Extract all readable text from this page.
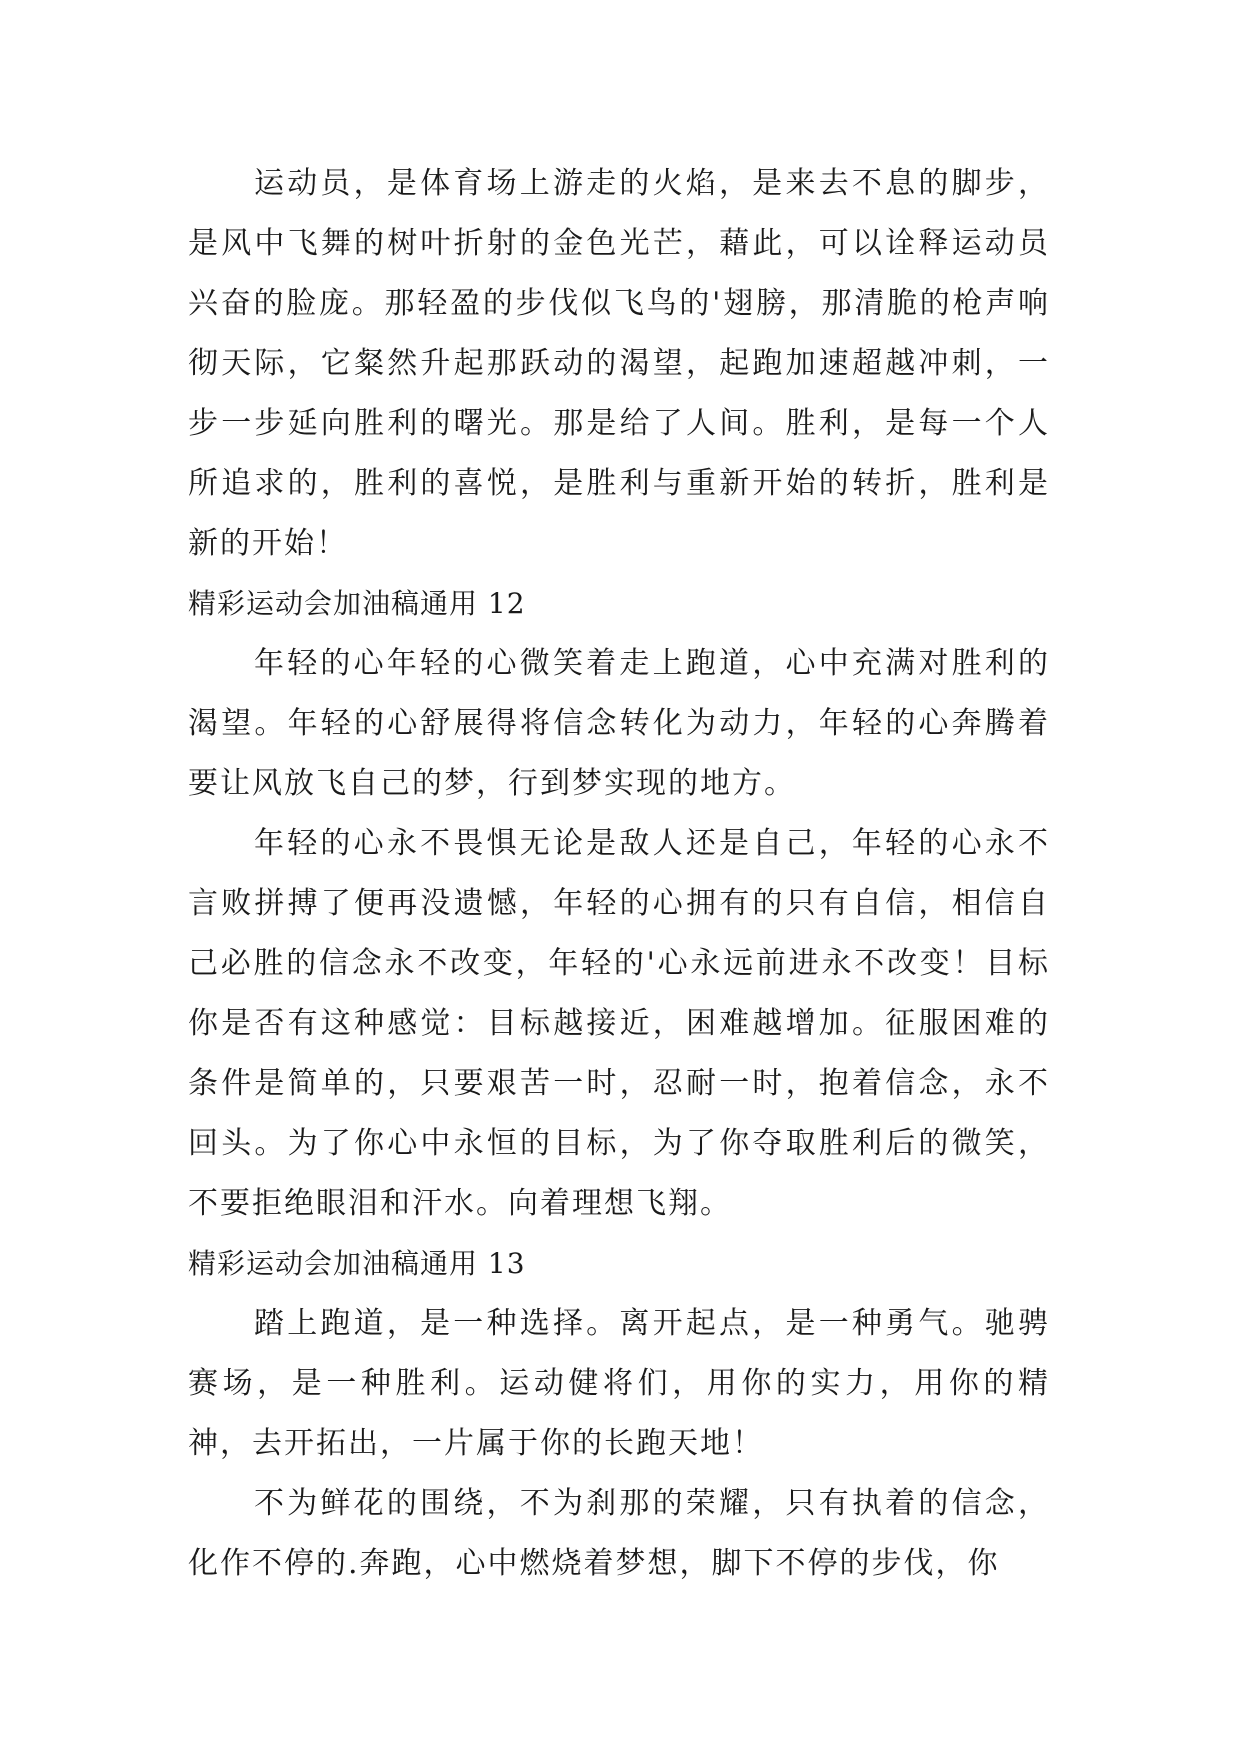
运动员，是体育场上游走的火焰，是来去不息的脚步，是风中飞舞的树叶折射的金色光芒，藉此，可以诠释运动员兴奋的脸庞。那轻盈的步伐似飞鸟的'翅膀，那清脆的枪声响彻天际，它粲然升起那跃动的渴望，起跑加速超越冲刺，一步一步延向胜利的曙光。那是给了人间。胜利，是每一个人所追求的，胜利的喜悦，是胜利与重新开始的转折，胜利是新的开始！

精彩运动会加油稿通用 12

年轻的心年轻的心微笑着走上跑道，心中充满对胜利的渴望。年轻的心舒展得将信念转化为动力，年轻的心奔腾着要让风放飞自己的梦，行到梦实现的地方。

年轻的心永不畏惧无论是敌人还是自己，年轻的心永不言败拼搏了便再没遗憾，年轻的心拥有的只有自信，相信自己必胜的信念永不改变，年轻的'心永远前进永不改变！目标你是否有这种感觉：目标越接近，困难越增加。征服困难的条件是简单的，只要艰苦一时，忍耐一时，抱着信念，永不回头。为了你心中永恒的目标，为了你夺取胜利后的微笑，不要拒绝眼泪和汗水。向着理想飞翔。

精彩运动会加油稿通用 13

踏上跑道，是一种选择。离开起点，是一种勇气。驰骋赛场，是一种胜利。运动健将们，用你的实力，用你的精神，去开拓出，一片属于你的长跑天地！

不为鲜花的围绕，不为刹那的荣耀，只有执着的信念，化作不停的.奔跑，心中燃烧着梦想，脚下不停的步伐，你
